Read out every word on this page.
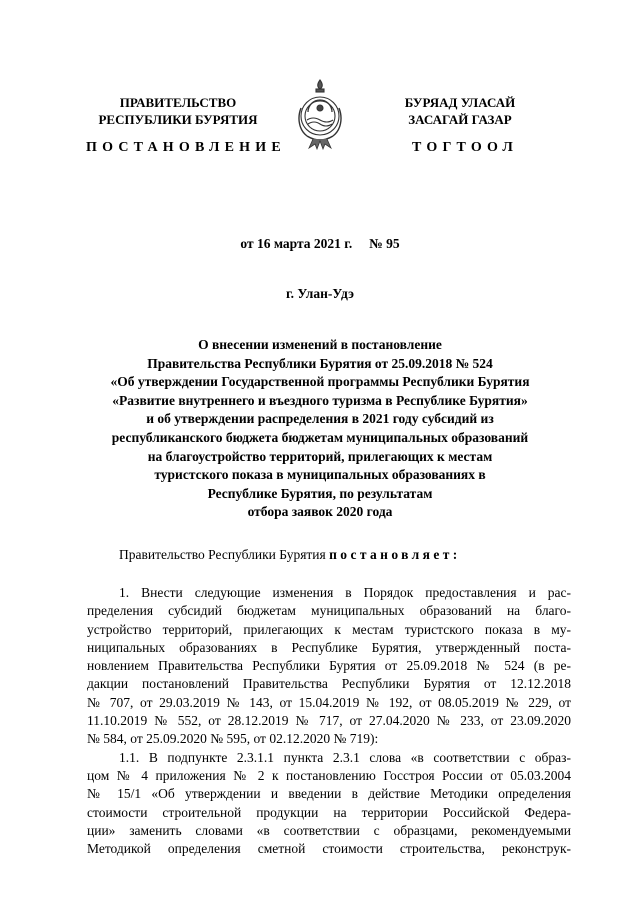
ПРАВИТЕЛЬСТВО
РЕСПУБЛИКИ БУРЯТИЯ
БУРЯАД УЛАСАЙ
ЗАСАГАЙ ГАЗАР
ПОСТАНОВЛЕНИЕ	ТОГТООЛ
от 16 марта 2021 г.     № 95
г. Улан-Удэ
О внесении изменений в постановление
Правительства Республики Бурятия от 25.09.2018 № 524
«Об утверждении Государственной программы Республики Бурятия
«Развитие внутреннего и въездного туризма в Республике Бурятия»
и об утверждении распределения в 2021 году субсидий из
республиканского бюджета бюджетам муниципальных образований
на благоустройство территорий, прилегающих к местам
туристского показа в муниципальных образованиях в
Республике Бурятия, по результатам
отбора заявок 2020 года
Правительство Республики Бурятия постановляет:
1. Внести следующие изменения в Порядок предоставления и рас-
пределения субсидий бюджетам муниципальных образований на благо-
устройство территорий, прилегающих к местам туристского показа в му-
ниципальных образованиях в Республике Бурятия, утвержденный поста-
новлением Правительства Республики Бурятия от 25.09.2018 № 524 (в ре-
дакции постановлений Правительства Республики Бурятия от 12.12.2018
№ 707, от 29.03.2019 № 143, от 15.04.2019 № 192, от 08.05.2019 № 229, от
11.10.2019 № 552, от 28.12.2019 № 717, от 27.04.2020 № 233, от 23.09.2020
№ 584, от 25.09.2020 № 595, от 02.12.2020 № 719):
1.1. В подпункте 2.3.1.1 пункта 2.3.1 слова «в соответствии с образ-
цом № 4 приложения № 2 к постановлению Госстроя России от 05.03.2004
№ 15/1 «Об утверждении и введении в действие Методики определения
стоимости строительной продукции на территории Российской Федера-
ции» заменить словами «в соответствии с образцами, рекомендуемыми
Методикой определения сметной стоимости строительства, реконструк-
